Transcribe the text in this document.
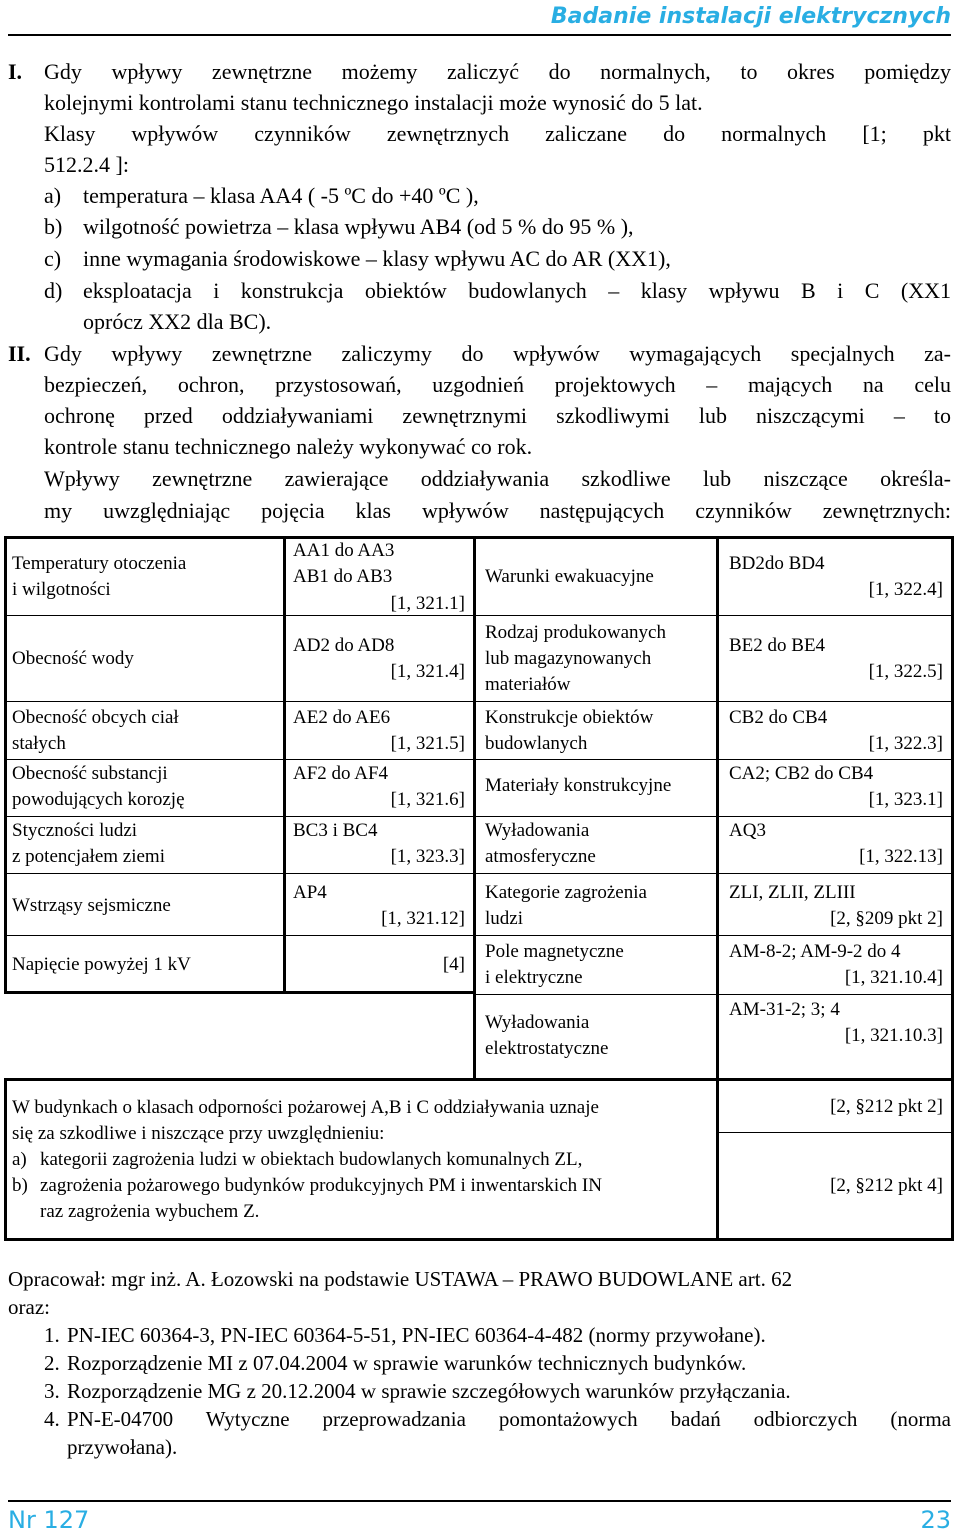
Badanie instalacji elektrycznych
I. Gdy wpływy zewnętrzne możemy zaliczyć do normalnych, to okres pomiędzy
kolejnymi kontrolami stanu technicznego instalacji może wynosić do 5 lat.
Klasy wpływów czynników zewnętrznych zaliczane do normalnych [1; pkt
512.2.4 ]:
a) temperatura – klasa AA4 ( -5 ºC do +40 ºC ),
b) wilgotność powietrza – klasa wpływu AB4 (od 5 % do 95 % ),
c) inne wymagania środowiskowe – klasy wpływu AC do AR (XX1),
d) eksploatacja i konstrukcja obiektów budowlanych – klasy wpływu B i C (XX1
oprócz XX2 dla BC).
II. Gdy wpływy zewnętrzne zaliczymy do wpływów wymagających specjalnych za-
bezpieczeń, ochron, przystosowań, uzgodnień projektowych – mających na celu
ochronę przed oddziaływaniami zewnętrznymi szkodliwymi lub niszczącymi – to
kontrole stanu technicznego należy wykonywać co rok.
Wpływy zewnętrzne zawierające oddziaływania szkodliwe lub niszczące określa-
my uwzględniając pojęcia klas wpływów następujących czynników zewnętrznych:
Temperatury otoczenia
i wilgotności
AA1 do AA3
AB1 do AB3
[1, 321.1]
Obecność wody
AD2 do AD8
[1, 321.4]
Obecność obcych ciał
stałych
AE2 do AE6
[1, 321.5]
Obecność substancji
powodujących korozję
AF2 do AF4
[1, 321.6]
Styczności ludzi
z potencjałem ziemi
BC3 i BC4
[1, 323.3]
Wstrząsy sejsmiczne
AP4
[1, 321.12]
Napięcie powyżej 1 kV	[4]
Warunki ewakuacyjne
BD2do BD4
[1, 322.4]
Rodzaj produkowanych
lub magazynowanych
materiałów
BE2 do BE4
[1, 322.5]
Konstrukcje obiektów
budowlanych
CB2 do CB4
[1, 322.3]
Materiały konstrukcyjne
CA2; CB2 do CB4
[1, 323.1]
Wyładowania
atmosferyczne
AQ3
[1, 322.13]
Kategorie zagrożenia
ludzi
ZLI, ZLII, ZLIII
[2, §209 pkt 2]
Pole magnetyczne
i elektryczne
AM-8-2; AM-9-2 do 4
[1, 321.10.4]
Wyładowania
elektrostatyczne
AM-31-2; 3; 4
[1, 321.10.3]
W budynkach o klasach odporności pożarowej A,B i C oddziaływania uznaje
się za szkodliwe i niszczące przy uwzględnieniu:
a) kategorii zagrożenia ludzi w obiektach budowlanych komunalnych ZL,
b) zagrożenia pożarowego budynków produkcyjnych PM i inwentarskich IN
raz zagrożenia wybuchem Z.
[2, §212 pkt 2]
[2, §212 pkt 4]
Opracował: mgr inż. A. Łozowski na podstawie USTAWA – PRAWO BUDOWLANE art. 62
oraz:
1. PN-IEC 60364-3, PN-IEC 60364-5-51, PN-IEC 60364-4-482 (normy przywołane).
2. Rozporządzenie MI z 07.04.2004 w sprawie warunków technicznych budynków.
3. Rozporządzenie MG z 20.12.2004 w sprawie szczegółowych warunków przyłączania.
4. PN-E-04700 Wytyczne przeprowadzania pomontażowych badań odbiorczych (norma
przywołana).
Nr 127	23
